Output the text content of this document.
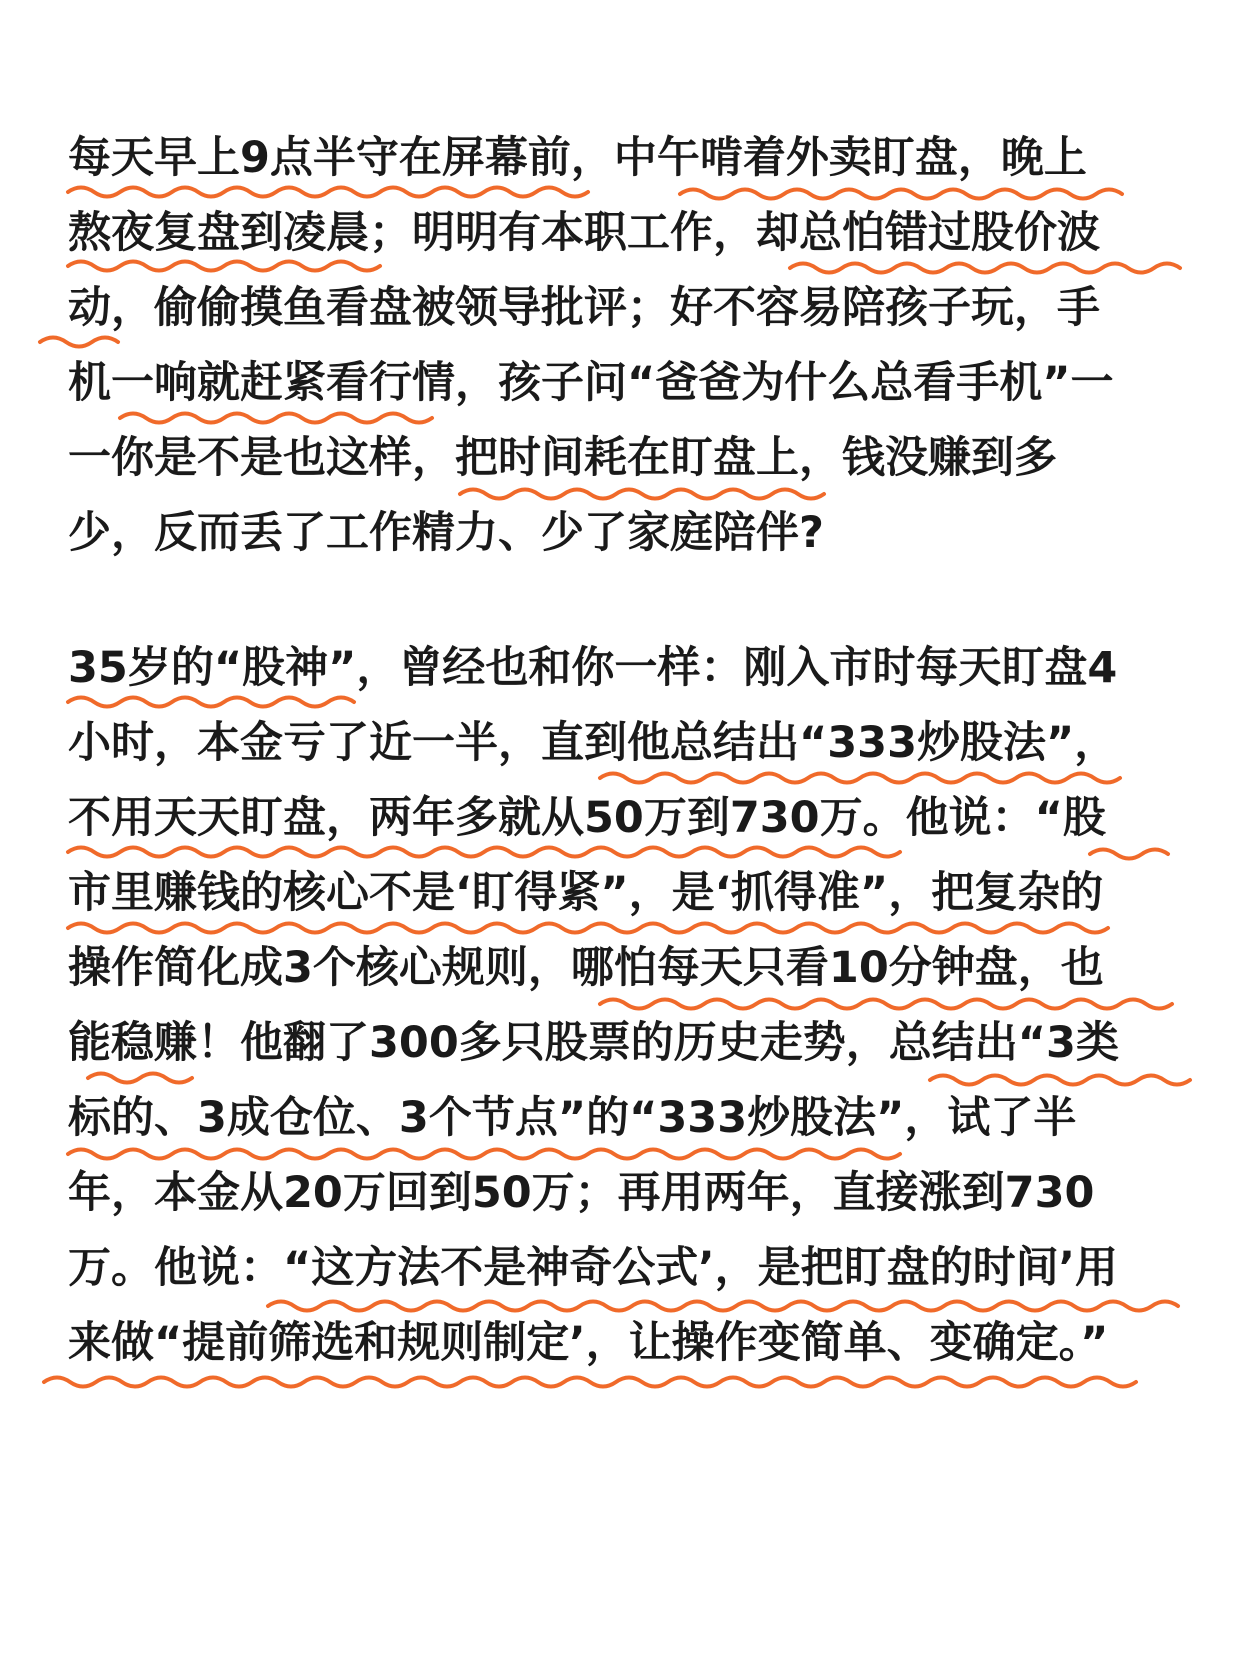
每天早上9点半守在屏幕前，中午啃着外卖盯盘，晚上
熬夜复盘到凌晨；明明有本职工作，却总怕错过股价波
动，偷偷摸鱼看盘被领导批评；好不容易陪孩子玩，手
机一响就赶紧看行情，孩子问“爸爸为什么总看手机”一
一你是不是也这样，把时间耗在盯盘上，钱没赚到多
少，反而丢了工作精力、少了家庭陪伴?
35岁的“股神”，曾经也和你一样：刚入市时每天盯盘4
小时，本金亏了近一半，直到他总结出“333炒股法”，
不用天天盯盘，两年多就从50万到730万。他说：“股
市里赚钱的核心不是‘盯得紧”，是‘抓得准”，把复杂的
操作简化成3个核心规则，哪怕每天只看10分钟盘，也
能稳赚！他翻了300多只股票的历史走势，总结出“3类
标的、3成仓位、3个节点”的“333炒股法”，试了半
年，本金从20万回到50万；再用两年，直接涨到730
万。他说：“这方法不是神奇公式’，是把盯盘的时间’用
来做“提前筛选和规则制定’，让操作变简单、变确定。”
